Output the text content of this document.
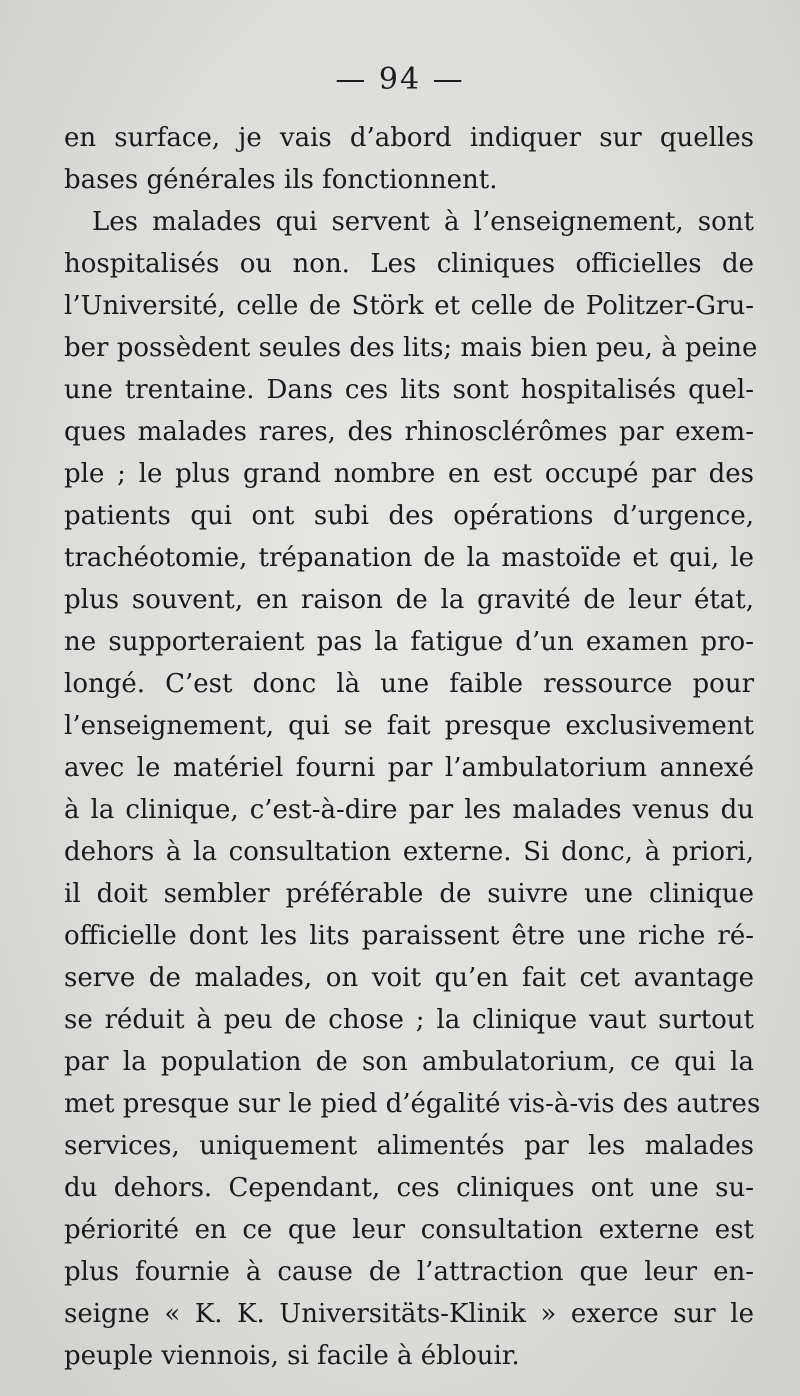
— 94 —
en surface, je vais d’abord indiquer sur quelles
bases générales ils fonctionnent.
Les malades qui servent à l’enseignement, sont
hospitalisés ou non. Les cliniques officielles de
l’Université, celle de Störk et celle de Politzer-Gru-
ber possèdent seules des lits; mais bien peu, à peine
une trentaine. Dans ces lits sont hospitalisés quel-
ques malades rares, des rhinosclérômes par exem-
ple ; le plus grand nombre en est occupé par des
patients qui ont subi des opérations d’urgence,
trachéotomie, trépanation de la mastoïde et qui, le
plus souvent, en raison de la gravité de leur état,
ne supporteraient pas la fatigue d’un examen pro-
longé. C’est donc là une faible ressource pour
l’enseignement, qui se fait presque exclusivement
avec le matériel fourni par l’ambulatorium annexé
à la clinique, c’est-à-dire par les malades venus du
dehors à la consultation externe. Si donc, à priori,
il doit sembler préférable de suivre une clinique
officielle dont les lits paraissent être une riche ré-
serve de malades, on voit qu’en fait cet avantage
se réduit à peu de chose ; la clinique vaut surtout
par la population de son ambulatorium, ce qui la
met presque sur le pied d’égalité vis-à-vis des autres
services, uniquement alimentés par les malades
du dehors. Cependant, ces cliniques ont une su-
périorité en ce que leur consultation externe est
plus fournie à cause de l’attraction que leur en-
seigne « K. K. Universitäts-Klinik » exerce sur le
peuple viennois, si facile à éblouir.
